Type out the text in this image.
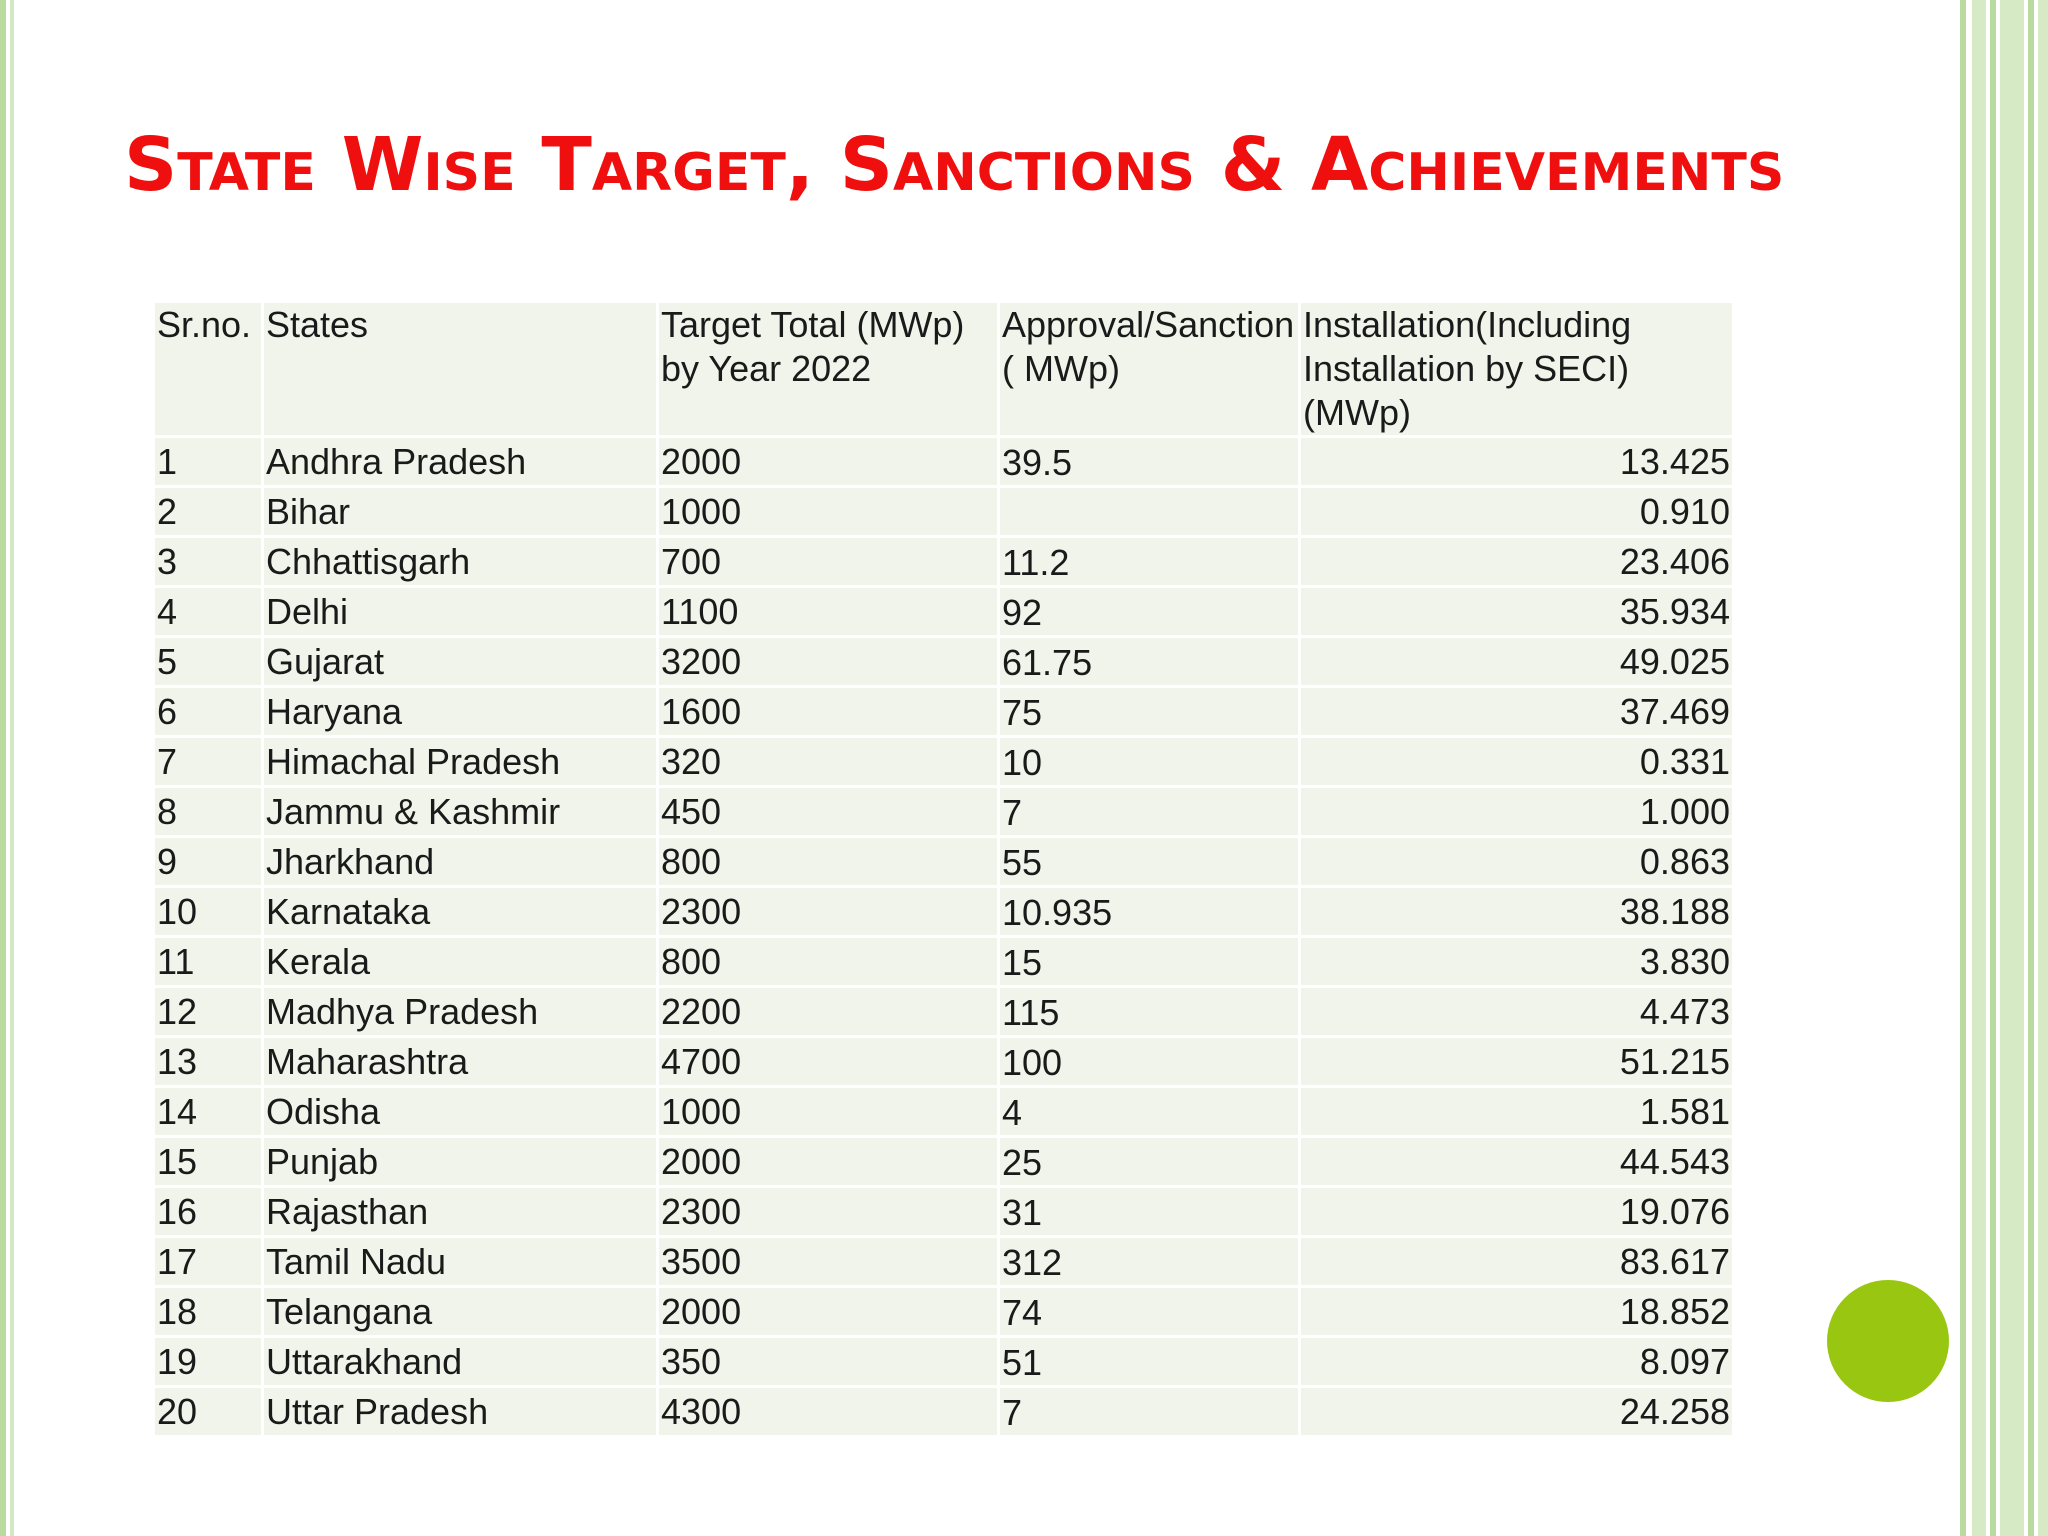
State Wise Target, Sanctions & Achievements
Sr.no.	States	Target Total (MWp) by Year 2022	Approval/Sanction ( MWp)	Installation(Including Installation by SECI)(MWp)
1	Andhra Pradesh	2000	39.5	13.425
2	Bihar	1000		0.910
3	Chhattisgarh	700	11.2	23.406
4	Delhi	1100	92	35.934
5	Gujarat	3200	61.75	49.025
6	Haryana	1600	75	37.469
7	Himachal Pradesh	320	10	0.331
8	Jammu & Kashmir	450	7	1.000
9	Jharkhand	800	55	0.863
10	Karnataka	2300	10.935	38.188
11	Kerala	800	15	3.830
12	Madhya Pradesh	2200	115	4.473
13	Maharashtra	4700	100	51.215
14	Odisha	1000	4	1.581
15	Punjab	2000	25	44.543
16	Rajasthan	2300	31	19.076
17	Tamil Nadu	3500	312	83.617
18	Telangana	2000	74	18.852
19	Uttarakhand	350	51	8.097
20	Uttar Pradesh	4300	7	24.258
